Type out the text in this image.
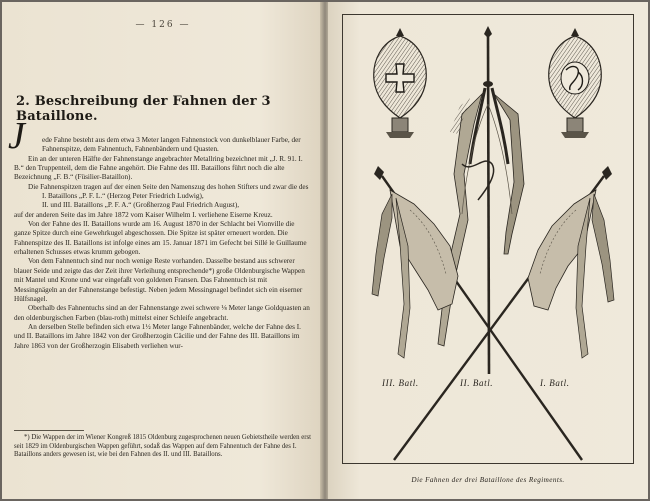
— 126 —
2. Beschreibung der Fahnen der 3 Bataillone.
J	ede Fahne besteht aus dem etwa 3 Meter langen Fahnenstock von dunkelblauer Farbe, der Fahnenspitze, dem Fahnentuch, Fahnenbändern und Quasten.

Ein an der unteren Hälfte der Fahnenstange angebrachter Metallring bezeichnet mit „J. R. 91. I. B.“ den Truppenteil, dem die Fahne angehört. Die Fahne des III. Bataillons führt noch die alte Bezeichnung „F. B.“ (Füsilier-Bataillon).

Die Fahnenspitzen tragen auf der einen Seite den Namenszug des hohen Stifters und zwar die des

I. Bataillons „P. F. L.“ (Herzog Peter Friedrich Ludwig),

II. und III. Bataillons „P. F. A.“ (Großherzog Paul Friedrich August),

auf der anderen Seite das im Jahre 1872 vom Kaiser Wilhelm I. verliehene Eiserne Kreuz.

Von der Fahne des II. Bataillons wurde am 16. August 1870 in der Schlacht bei Vionville die ganze Spitze durch eine Gewehrkugel abgeschossen. Die Spitze ist später erneuert worden. Die Fahnenspitze des II. Bataillons ist infolge eines am 15. Januar 1871 im Gefecht bei Sillé le Guillaume erhaltenen Schusses etwas krumm gebogen.

Von dem Fahnentuch sind nur noch wenige Reste vorhanden. Dasselbe bestand aus schwerer blauer Seide und zeigte das der Zeit ihrer Verleihung entsprechende*) große Oldenburgische Wappen mit Mantel und Krone und war eingefaßt von goldenen Fransen. Das Fahnentuch ist mit Messingnägeln an der Fahnenstange befestigt. Neben jedem Messingnagel befindet sich ein eiserner Hülfsnagel.

Oberhalb des Fahnentuchs sind an der Fahnenstange zwei schwere ⅛ Meter lange Goldquasten an den oldenburgischen Farben (blau-roth) mittelst einer Schleife angebracht.

An derselben Stelle befinden sich etwa 1½ Meter lange Fahnenbänder, welche der Fahne des I. und II. Bataillons im Jahre 1842 von der Großherzogin Cäcilie und der Fahne des III. Bataillons im Jahre 1863 von der Großherzogin Elisabeth verliehen wur-

*) Die Wappen der im Wiener Kongreß 1815 Oldenburg zugesprochenen neuen Gebietstheile werden erst seit 1829 im Oldenburgischen Wappen geführt, sodaß das Wappen auf dem Fahnentuch der Fahne des I. Bataillons anders gewesen ist, wie bei den Fahnen des II. und III. Bataillons.
III. Batl.	II. Batl.	I. Batl.
Die Fahnen der drei Bataillone des Regiments.
